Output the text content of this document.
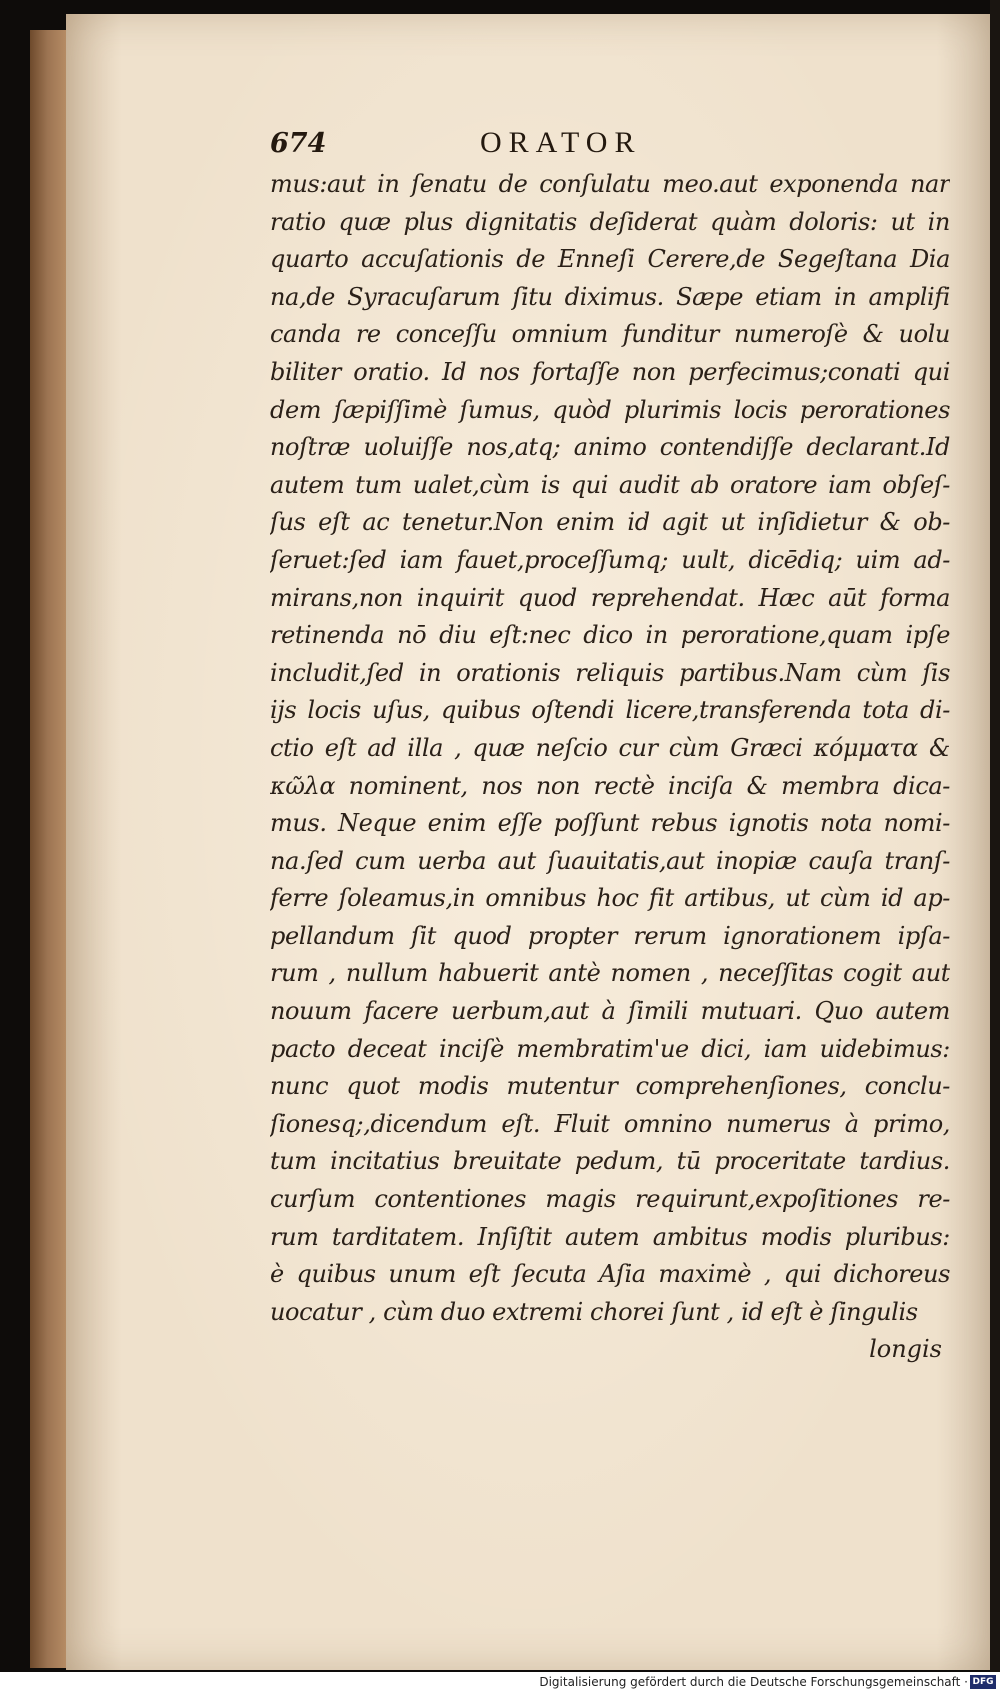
674	ORATOR
mus:aut in ſenatu de conſulatu meo.aut exponenda nar
ratio quæ plus dignitatis deſiderat quàm doloris: ut in
quarto accuſationis de Enneſi Cerere,de Segeſtana Dia
na,de Syracuſarum ſitu diximus. Sæpe etiam in amplifi
canda re conceſſu omnium funditur numeroſè & uolu
biliter oratio. Id nos fortaſſe non perfecimus;conati qui
dem ſæpiſſimè ſumus, quòd plurimis locis perorationes
noſtræ uoluiſſe nos,atq; animo contendiſſe declarant.Id
autem tum ualet,cùm is qui audit ab oratore iam obſeſ-
ſus eſt ac tenetur.Non enim id agit ut inſidietur & ob-
ſeruet:ſed iam fauet,proceſſumq; uult, dicēdiq; uim ad-
mirans,non inquirit quod reprehendat. Hæc aūt forma
retinenda nō diu eſt:nec dico in peroratione,quam ipſe
includit,ſed in orationis reliquis partibus.Nam cùm ſis
ijs locis uſus, quibus oſtendi licere,transferenda tota di-
ctio eſt ad illa , quæ neſcio cur cùm Græci κόμματα &
κῶλα nominent, nos non rectè inciſa & membra dica-
mus. Neque enim eſſe poſſunt rebus ignotis nota nomi-
na.ſed cum uerba aut ſuauitatis,aut inopiæ cauſa tranſ-
ferre ſoleamus,in omnibus hoc fit artibus, ut cùm id ap-
pellandum ſit quod propter rerum ignorationem ipſa-
rum , nullum habuerit antè nomen , neceſſitas cogit aut
nouum facere uerbum,aut à ſimili mutuari. Quo autem
pacto deceat inciſè membratim'ue dici, iam uidebimus:
nunc quot modis mutentur comprehenſiones, conclu-
ſionesq;,dicendum eſt. Fluit omnino numerus à primo,
tum incitatius breuitate pedum, tū proceritate tardius.
curſum contentiones magis requirunt,expoſitiones re-
rum tarditatem. Inſiſtit autem ambitus modis pluribus:
è quibus unum eſt ſecuta Aſia maximè , qui dichoreus
uocatur , cùm duo extremi chorei ſunt , id eſt è ſingulis
longis
Digitalisierung gefördert durch die Deutsche Forschungsgemeinschaft · DFG
